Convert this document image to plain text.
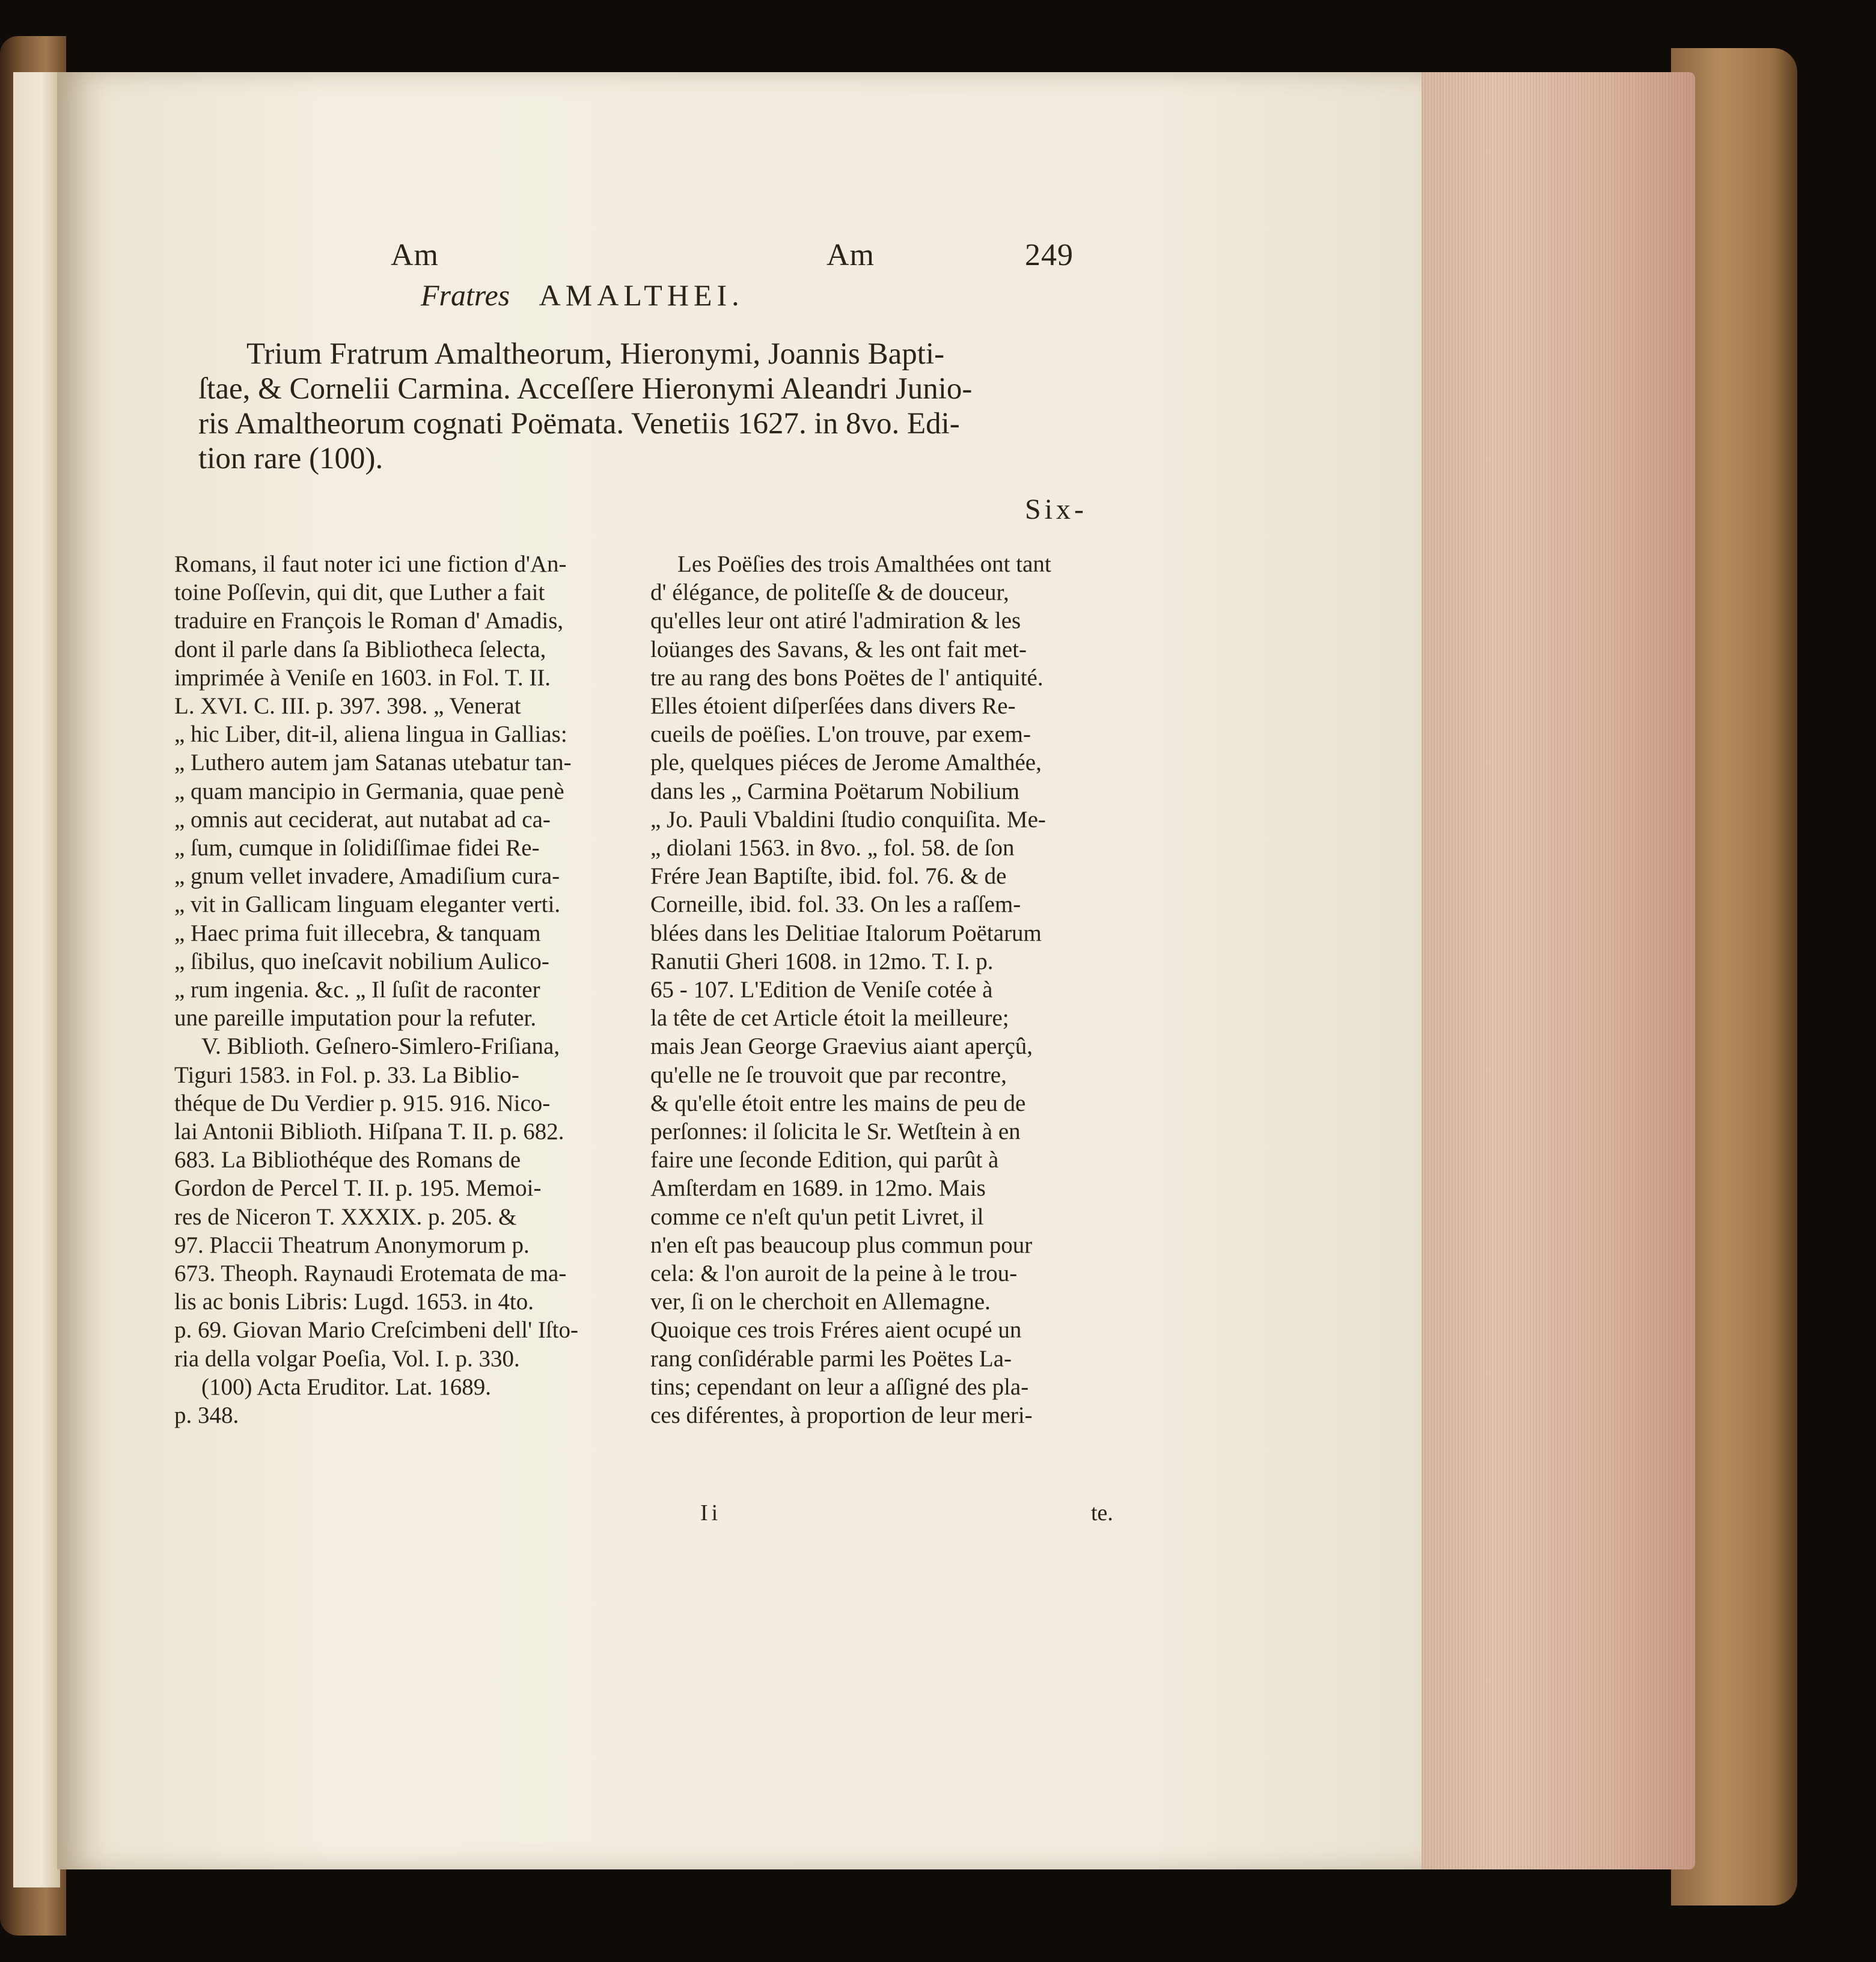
Am	Am	249
Fratres AMALTHEI.
Trium Fratrum Amaltheorum, Hieronymi, Joannis Bapti-
ſtae, & Cornelii Carmina. Acceſſere Hieronymi Aleandri Junio-
ris Amaltheorum cognati Poëmata. Venetiis 1627. in 8vo. Edi-
tion rare (100).
Six-

Romans, il faut noter ici une fiction d'An-

toine Poſſevin, qui dit, que Luther a fait

traduire en François le Roman d' Amadis,

dont il parle dans ſa Bibliotheca ſelecta,

imprimée à Veniſe en 1603. in Fol. T. II.

L. XVI. C. III. p. 397. 398. „ Venerat

„ hic Liber, dit-il, aliena lingua in Gallias:

„ Luthero autem jam Satanas utebatur tan-

„ quam mancipio in Germania, quae penè

„ omnis aut ceciderat, aut nutabat ad ca-

„ ſum, cumque in ſolidiſſimae fidei Re-

„ gnum vellet invadere, Amadiſium cura-

„ vit in Gallicam linguam eleganter verti.

„ Haec prima fuit illecebra, & tanquam

„ ſibilus, quo ineſcavit nobilium Aulico-

„ rum ingenia. &c. „ Il ſuſit de raconter

une pareille imputation pour la refuter.

V. Biblioth. Geſnero-Simlero-Friſiana,

Tiguri 1583. in Fol. p. 33. La Biblio-

théque de Du Verdier p. 915. 916. Nico-

lai Antonii Biblioth. Hiſpana T. II. p. 682.

683. La Bibliothéque des Romans de

Gordon de Percel T. II. p. 195. Memoi-

res de Niceron T. XXXIX. p. 205. &

97. Placcii Theatrum Anonymorum p.

673. Theoph. Raynaudi Erotemata de ma-

lis ac bonis Libris: Lugd. 1653. in 4to.

p. 69. Giovan Mario Creſcimbeni dell' Iſto-

ria della volgar Poeſia, Vol. I. p. 330.

(100) Acta Eruditor. Lat. 1689.

p. 348.

Les Poëſies des trois Amalthées ont tant

d' élégance, de politeſſe & de douceur,

qu'elles leur ont atiré l'admiration & les

loüanges des Savans, & les ont fait met-

tre au rang des bons Poëtes de l' antiquité.

Elles étoient diſperſées dans divers Re-

cueils de poëſies. L'on trouve, par exem-

ple, quelques piéces de Jerome Amalthée,

dans les „ Carmina Poëtarum Nobilium

„ Jo. Pauli Vbaldini ſtudio conquiſita. Me-

„ diolani 1563. in 8vo. „ fol. 58. de ſon

Frére Jean Baptiſte, ibid. fol. 76. & de

Corneille, ibid. fol. 33. On les a raſſem-

blées dans les Delitiae Italorum Poëtarum

Ranutii Gheri 1608. in 12mo. T. I. p.

65 - 107. L'Edition de Veniſe cotée à

la tête de cet Article étoit la meilleure;

mais Jean George Graevius aiant aperçû,

qu'elle ne ſe trouvoit que par recontre,

& qu'elle étoit entre les mains de peu de

perſonnes: il ſolicita le Sr. Wetſtein à en

faire une ſeconde Edition, qui parût à

Amſterdam en 1689. in 12mo. Mais

comme ce n'eſt qu'un petit Livret, il

n'en eſt pas beaucoup plus commun pour

cela: & l'on auroit de la peine à le trou-

ver, ſi on le cherchoit en Allemagne.

Quoique ces trois Fréres aient ocupé un

rang conſidérable parmi les Poëtes La-

tins; cependant on leur a aſſigné des pla-

ces diférentes, à proportion de leur meri-

Ii	te.
